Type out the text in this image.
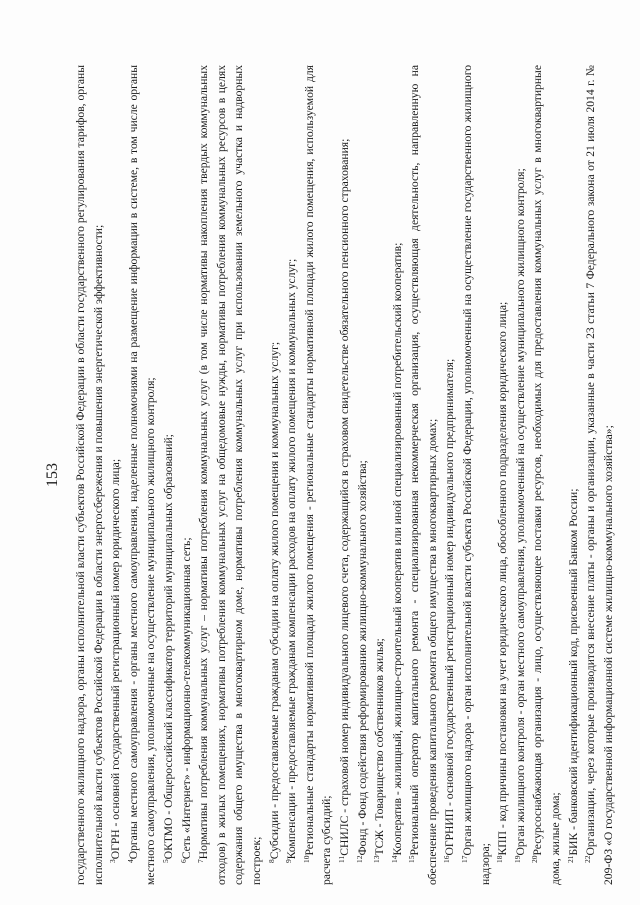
153	государственного жилищного надзора, органы исполнительной власти субъектов Российской Федерации в области государственного регулирования тарифов, органы исполнительной власти субъектов Российской Федерации в области энергосбережения и повышения энергетической эффективности; $^3$ОГРН - основной государственный регистрационный номер юридического лица;

$^4$Органы местного самоуправления - органы местного самоуправления, наделенные полномочиями на размещение информации в системе, в том числе органы местного самоуправления, уполномоченные на осуществление муниципального жилищного контроля; $^5$ОКТМО - Общероссийский классификатор территорий муниципальных образований;

$^6$Сеть «Интернет» - информационно-телекоммуникационная сеть;

$^7$Нормативы потребления коммунальных услуг – нормативы потребления коммунальных услуг (в том числе нормативы накопления твердых коммунальных отходов) в жилых помещениях, нормативы потребления коммунальных услуг на общедомовые нужды, нормативы потребления коммунальных ресурсов в целях содержания общего имущества в многоквартирном доме, нормативы потребления коммунальных услуг при использовании земельного участка и надворных построек; $^8$Субсидии - предоставляемые гражданам субсидии на оплату жилого помещения и коммунальных услуг;

$^9$Компенсации - предоставляемые гражданам компенсации расходов на оплату жилого помещения и коммунальных услуг; $^{10}$Региональные стандарты нормативной площади жилого помещения - региональные стандарты нормативной площади жилого помещения, используемой для расчета субсидий; $^{11}$СНИЛС - страховой номер индивидуального лицевого счета, содержащийся в страховом свидетельстве обязательного пенсионного страхования;

$^{12}$Фонд - Фонд содействия реформированию жилищно-коммунального хозяйства;

$^{13}$ТСЖ - Товарищество собственников жилья;

$^{14}$Кооператив - жилищный, жилищно-строительный кооператив или иной специализированный потребительский кооператив;

$^{15}$Региональный оператор капитального ремонта - специализированная некоммерческая организация, осуществляющая деятельность, направленную на обеспечение проведения капитального ремонта общего имущества в многоквартирных домах; $^{16}$ОГРНИП - основной государственный регистрационный номер индивидуального предпринимателя;

$^{17}$Орган жилищного надзора - орган исполнительной власти субъекта Российской Федерации, уполномоченный на осуществление государственного жилищного надзора; $^{18}$КПП - код причины постановки на учет юридического лица, обособленного подразделения юридического лица;

$^{19}$Орган жилищного контроля - орган местного самоуправления, уполномоченный на осуществление муниципального жилищного контроля;

$^{20}$Ресурсоснабжающая организация - лицо, осуществляющее поставки ресурсов, необходимых для предоставления коммунальных услуг в многоквартирные дома, жилые дома; $^{21}$БИК - банковский идентификационный код, присвоенный Банком России;

$^{22}$Организации, через которые производится внесение платы - органы и организации, указанные в части 23 статьи 7 Федерального закона от 21 июля 2014 г. № 209-ФЗ «О государственной информационной системе жилищно-коммунального хозяйства»;
